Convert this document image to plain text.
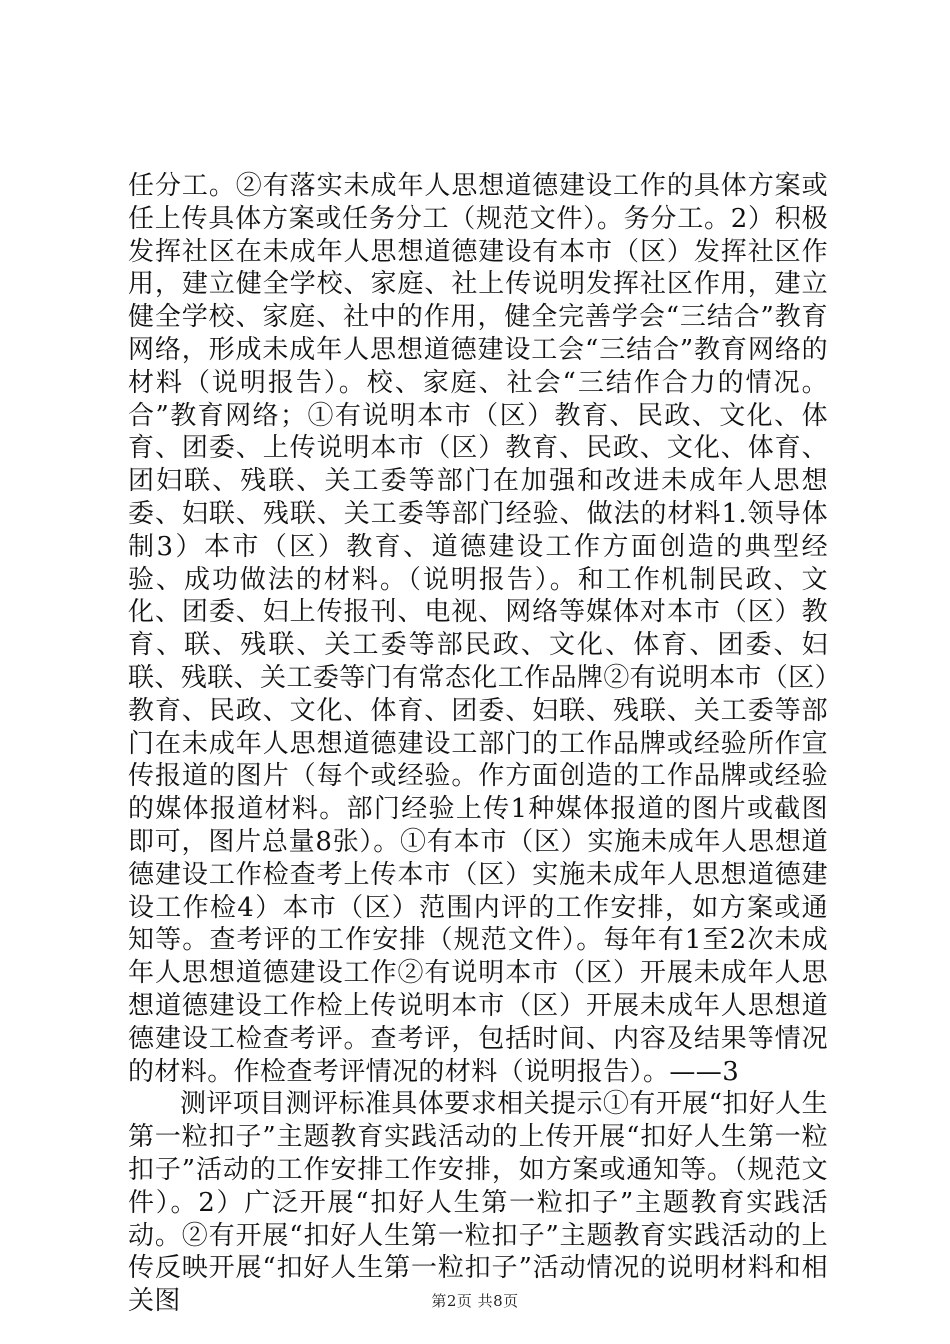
任分工。②有落实未成年人思想道德建设工作的具体方案或任上传具体方案或任务分工（规范文件）。务分工。2）积极发挥社区在未成年人思想道德建设有本市（区）发挥社区作用，建立健全学校、家庭、社上传说明发挥社区作用，建立健全学校、家庭、社中的作用，健全完善学会“三结合”教育网络，形成未成年人思想道德建设工会“三结合”教育网络的材料（说明报告）。校、家庭、社会“三结作合力的情况。合”教育网络；①有说明本市（区）教育、民政、文化、体育、团委、上传说明本市（区）教育、民政、文化、体育、团妇联、残联、关工委等部门在加强和改进未成年人思想委、妇联、残联、关工委等部门经验、做法的材料1.领导体制3）本市（区）教育、道德建设工作方面创造的典型经验、成功做法的材料。（说明报告）。和工作机制民政、文化、团委、妇上传报刊、电视、网络等媒体对本市（区）教育、联、残联、关工委等部民政、文化、体育、团委、妇联、残联、关工委等门有常态化工作品牌②有说明本市（区）教育、民政、文化、体育、团委、妇联、残联、关工委等部门在未成年人思想道德建设工部门的工作品牌或经验所作宣传报道的图片（每个或经验。作方面创造的工作品牌或经验的媒体报道材料。部门经验上传1种媒体报道的图片或截图即可，图片总量8张）。①有本市（区）实施未成年人思想道德建设工作检查考上传本市（区）实施未成年人思想道德建设工作检4）本市（区）范围内评的工作安排，如方案或通知等。查考评的工作安排（规范文件）。每年有1至2次未成年人思想道德建设工作②有说明本市（区）开展未成年人思想道德建设工作检上传说明本市（区）开展未成年人思想道德建设工检查考评。查考评，包括时间、内容及结果等情况的材料。作检查考评情况的材料（说明报告）。——3

测评项目测评标准具体要求相关提示①有开展“扣好人生第一粒扣子”主题教育实践活动的上传开展“扣好人生第一粒扣子”活动的工作安排工作安排，如方案或通知等。（规范文件）。2）广泛开展“扣好人生第一粒扣子”主题教育实践活动。②有开展“扣好人生第一粒扣子”主题教育实践活动的上传反映开展“扣好人生第一粒扣子”活动情况的说明材料和相关图	第2页 共8页
